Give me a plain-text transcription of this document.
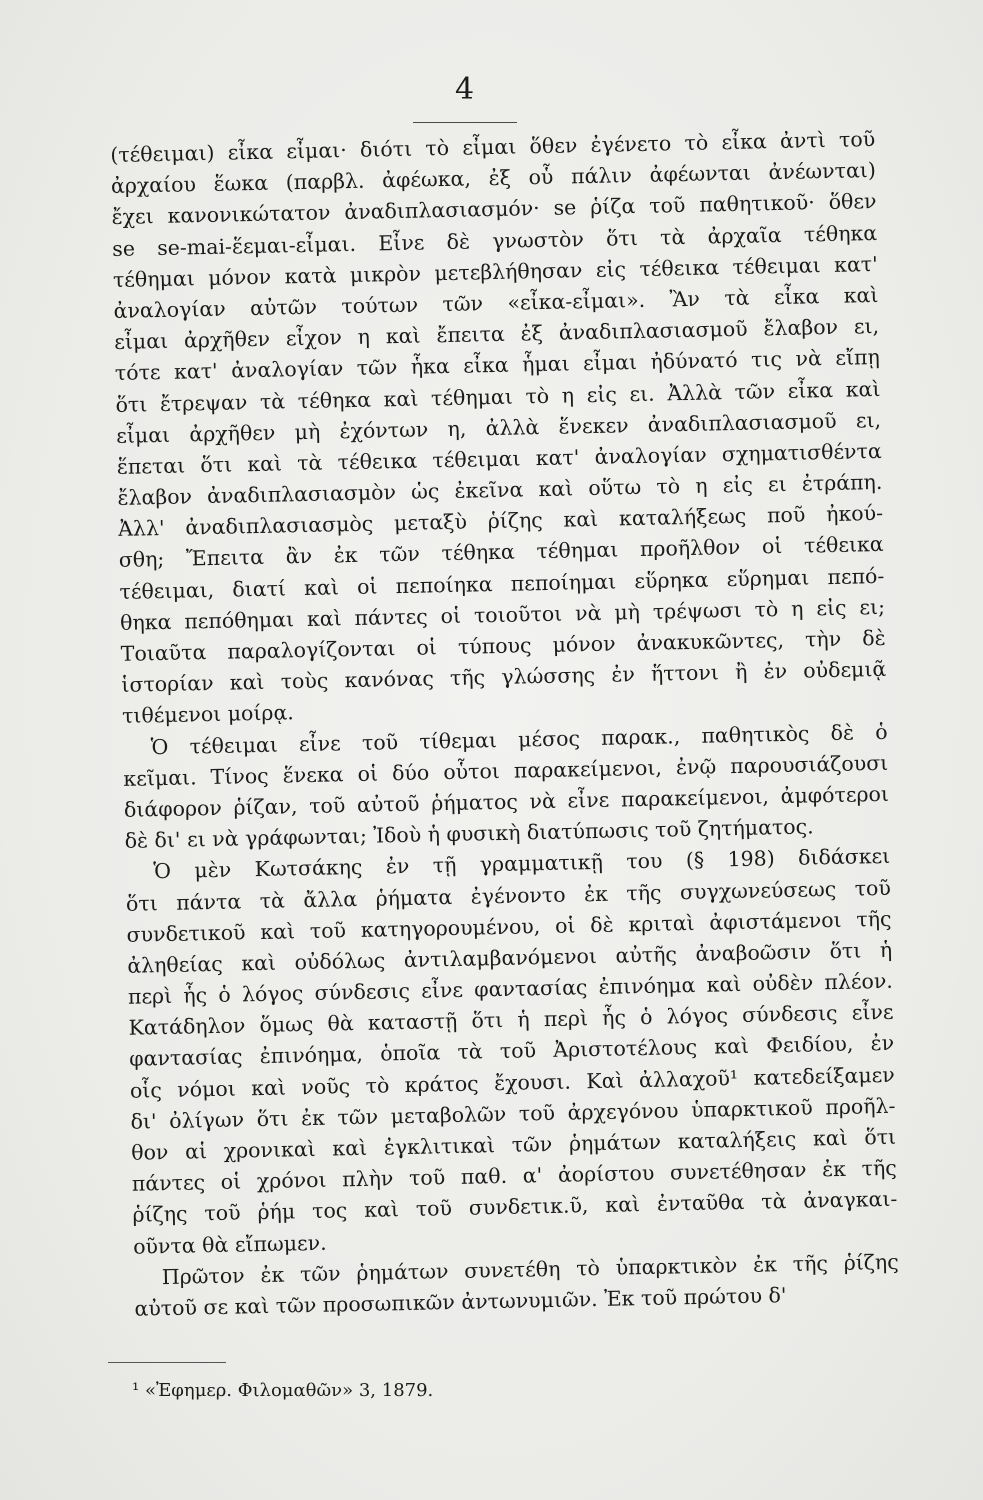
4
(τέθειμαι) εἶκα εἶμαι· διότι τὸ εἶμαι ὅθεν ἐγένετο τὸ εἶκα ἀντὶ τοῦ
ἀρχαίου ἕωκα (παρβλ. ἀφέωκα, ἐξ οὗ πάλιν ἀφέωνται ἀνέωνται)
ἔχει κανονικώτατον ἀναδιπλασιασμόν· se ῥίζα τοῦ παθητικοῦ· ὅθεν
se se-mai-ἕεμαι-εἶμαι. Εἶνε δὲ γνωστὸν ὅτι τὰ ἀρχαῖα τέθηκα
τέθημαι μόνον κατὰ μικρὸν μετεβλήθησαν εἰς τέθεικα τέθειμαι κατ'
ἀναλογίαν αὐτῶν τούτων τῶν «εἶκα-εἶμαι». Ἂν τὰ εἶκα καὶ
εἶμαι ἀρχῆθεν εἶχον η καὶ ἔπειτα ἐξ ἀναδιπλασιασμοῦ ἔλαβον ει,
τότε κατ' ἀναλογίαν τῶν ἧκα εἶκα ἧμαι εἶμαι ἠδύνατό τις νὰ εἴπῃ
ὅτι ἔτρεψαν τὰ τέθηκα καὶ τέθημαι τὸ η εἰς ει. Ἀλλὰ τῶν εἶκα καὶ
εἶμαι ἀρχῆθεν μὴ ἐχόντων η, ἀλλὰ ἕνεκεν ἀναδιπλασιασμοῦ ει,
ἕπεται ὅτι καὶ τὰ τέθεικα τέθειμαι κατ' ἀναλογίαν σχηματισθέντα
ἔλαβον ἀναδιπλασιασμὸν ὡς ἐκεῖνα καὶ οὕτω τὸ η εἰς ει ἐτράπη.
Ἀλλ' ἀναδιπλασιασμὸς μεταξὺ ῥίζης καὶ καταλήξεως ποῦ ἠκού-
σθη; Ἔπειτα ἂν ἐκ τῶν τέθηκα τέθημαι προῆλθον οἱ τέθεικα
τέθειμαι, διατί καὶ οἱ πεποίηκα πεποίημαι εὕρηκα εὕρημαι πεπό-
θηκα πεπόθημαι καὶ πάντες οἱ τοιοῦτοι νὰ μὴ τρέψωσι τὸ η εἰς ει;
Τοιαῦτα παραλογίζονται οἱ τύπους μόνον ἀνακυκῶντες, τὴν δὲ
ἱστορίαν καὶ τοὺς κανόνας τῆς γλώσσης ἐν ἥττονι ἢ ἐν οὐδεμιᾷ
τιθέμενοι μοίρᾳ.
Ὁ τέθειμαι εἶνε τοῦ τίθεμαι μέσος παρακ., παθητικὸς δὲ ὁ
κεῖμαι. Τίνος ἕνεκα οἱ δύο οὗτοι παρακείμενοι, ἐνῷ παρουσιάζουσι
διάφορον ῥίζαν, τοῦ αὐτοῦ ῥήματος νὰ εἶνε παρακείμενοι, ἀμφότεροι
δὲ δι' ει νὰ γράφωνται; Ἰδοὺ ἡ φυσικὴ διατύπωσις τοῦ ζητήματος.
Ὁ μὲν Κωτσάκης ἐν τῇ γραμματικῇ του (§ 198) διδάσκει
ὅτι πάντα τὰ ἄλλα ῥήματα ἐγένοντο ἐκ τῆς συγχωνεύσεως τοῦ
συνδετικοῦ καὶ τοῦ κατηγορουμένου, οἱ δὲ κριταὶ ἀφιστάμενοι τῆς
ἀληθείας καὶ οὐδόλως ἀντιλαμβανόμενοι αὐτῆς ἀναβοῶσιν ὅτι ἡ
περὶ ἧς ὁ λόγος σύνδεσις εἶνε φαντασίας ἐπινόημα καὶ οὐδὲν πλέον.
Κατάδηλον ὅμως θὰ καταστῇ ὅτι ἡ περὶ ἧς ὁ λόγος σύνδεσις εἶνε
φαντασίας ἐπινόημα, ὁποῖα τὰ τοῦ Ἀριστοτέλους καὶ Φειδίου, ἐν
οἷς νόμοι καὶ νοῦς τὸ κράτος ἔχουσι. Καὶ ἀλλαχοῦ¹ κατεδείξαμεν
δι' ὀλίγων ὅτι ἐκ τῶν μεταβολῶν τοῦ ἀρχεγόνου ὑπαρκτικοῦ προῆλ-
θον αἱ χρονικαὶ καὶ ἐγκλιτικαὶ τῶν ῥημάτων καταλήξεις καὶ ὅτι
πάντες οἱ χρόνοι πλὴν τοῦ παθ. α' ἀορίστου συνετέθησαν ἐκ τῆς
ῥίζης τοῦ ῥήμ τος καὶ τοῦ συνδετικ.ῦ, καὶ ἐνταῦθα τὰ ἀναγκαι-
οῦντα θὰ εἴπωμεν.
Πρῶτον ἐκ τῶν ῥημάτων συνετέθη τὸ ὑπαρκτικὸν ἐκ τῆς ῥίζης
αὐτοῦ σε καὶ τῶν προσωπικῶν ἀντωνυμιῶν. Ἐκ τοῦ πρώτου δ'
¹ «Ἐφημερ. Φιλομαθῶν» 3, 1879.
